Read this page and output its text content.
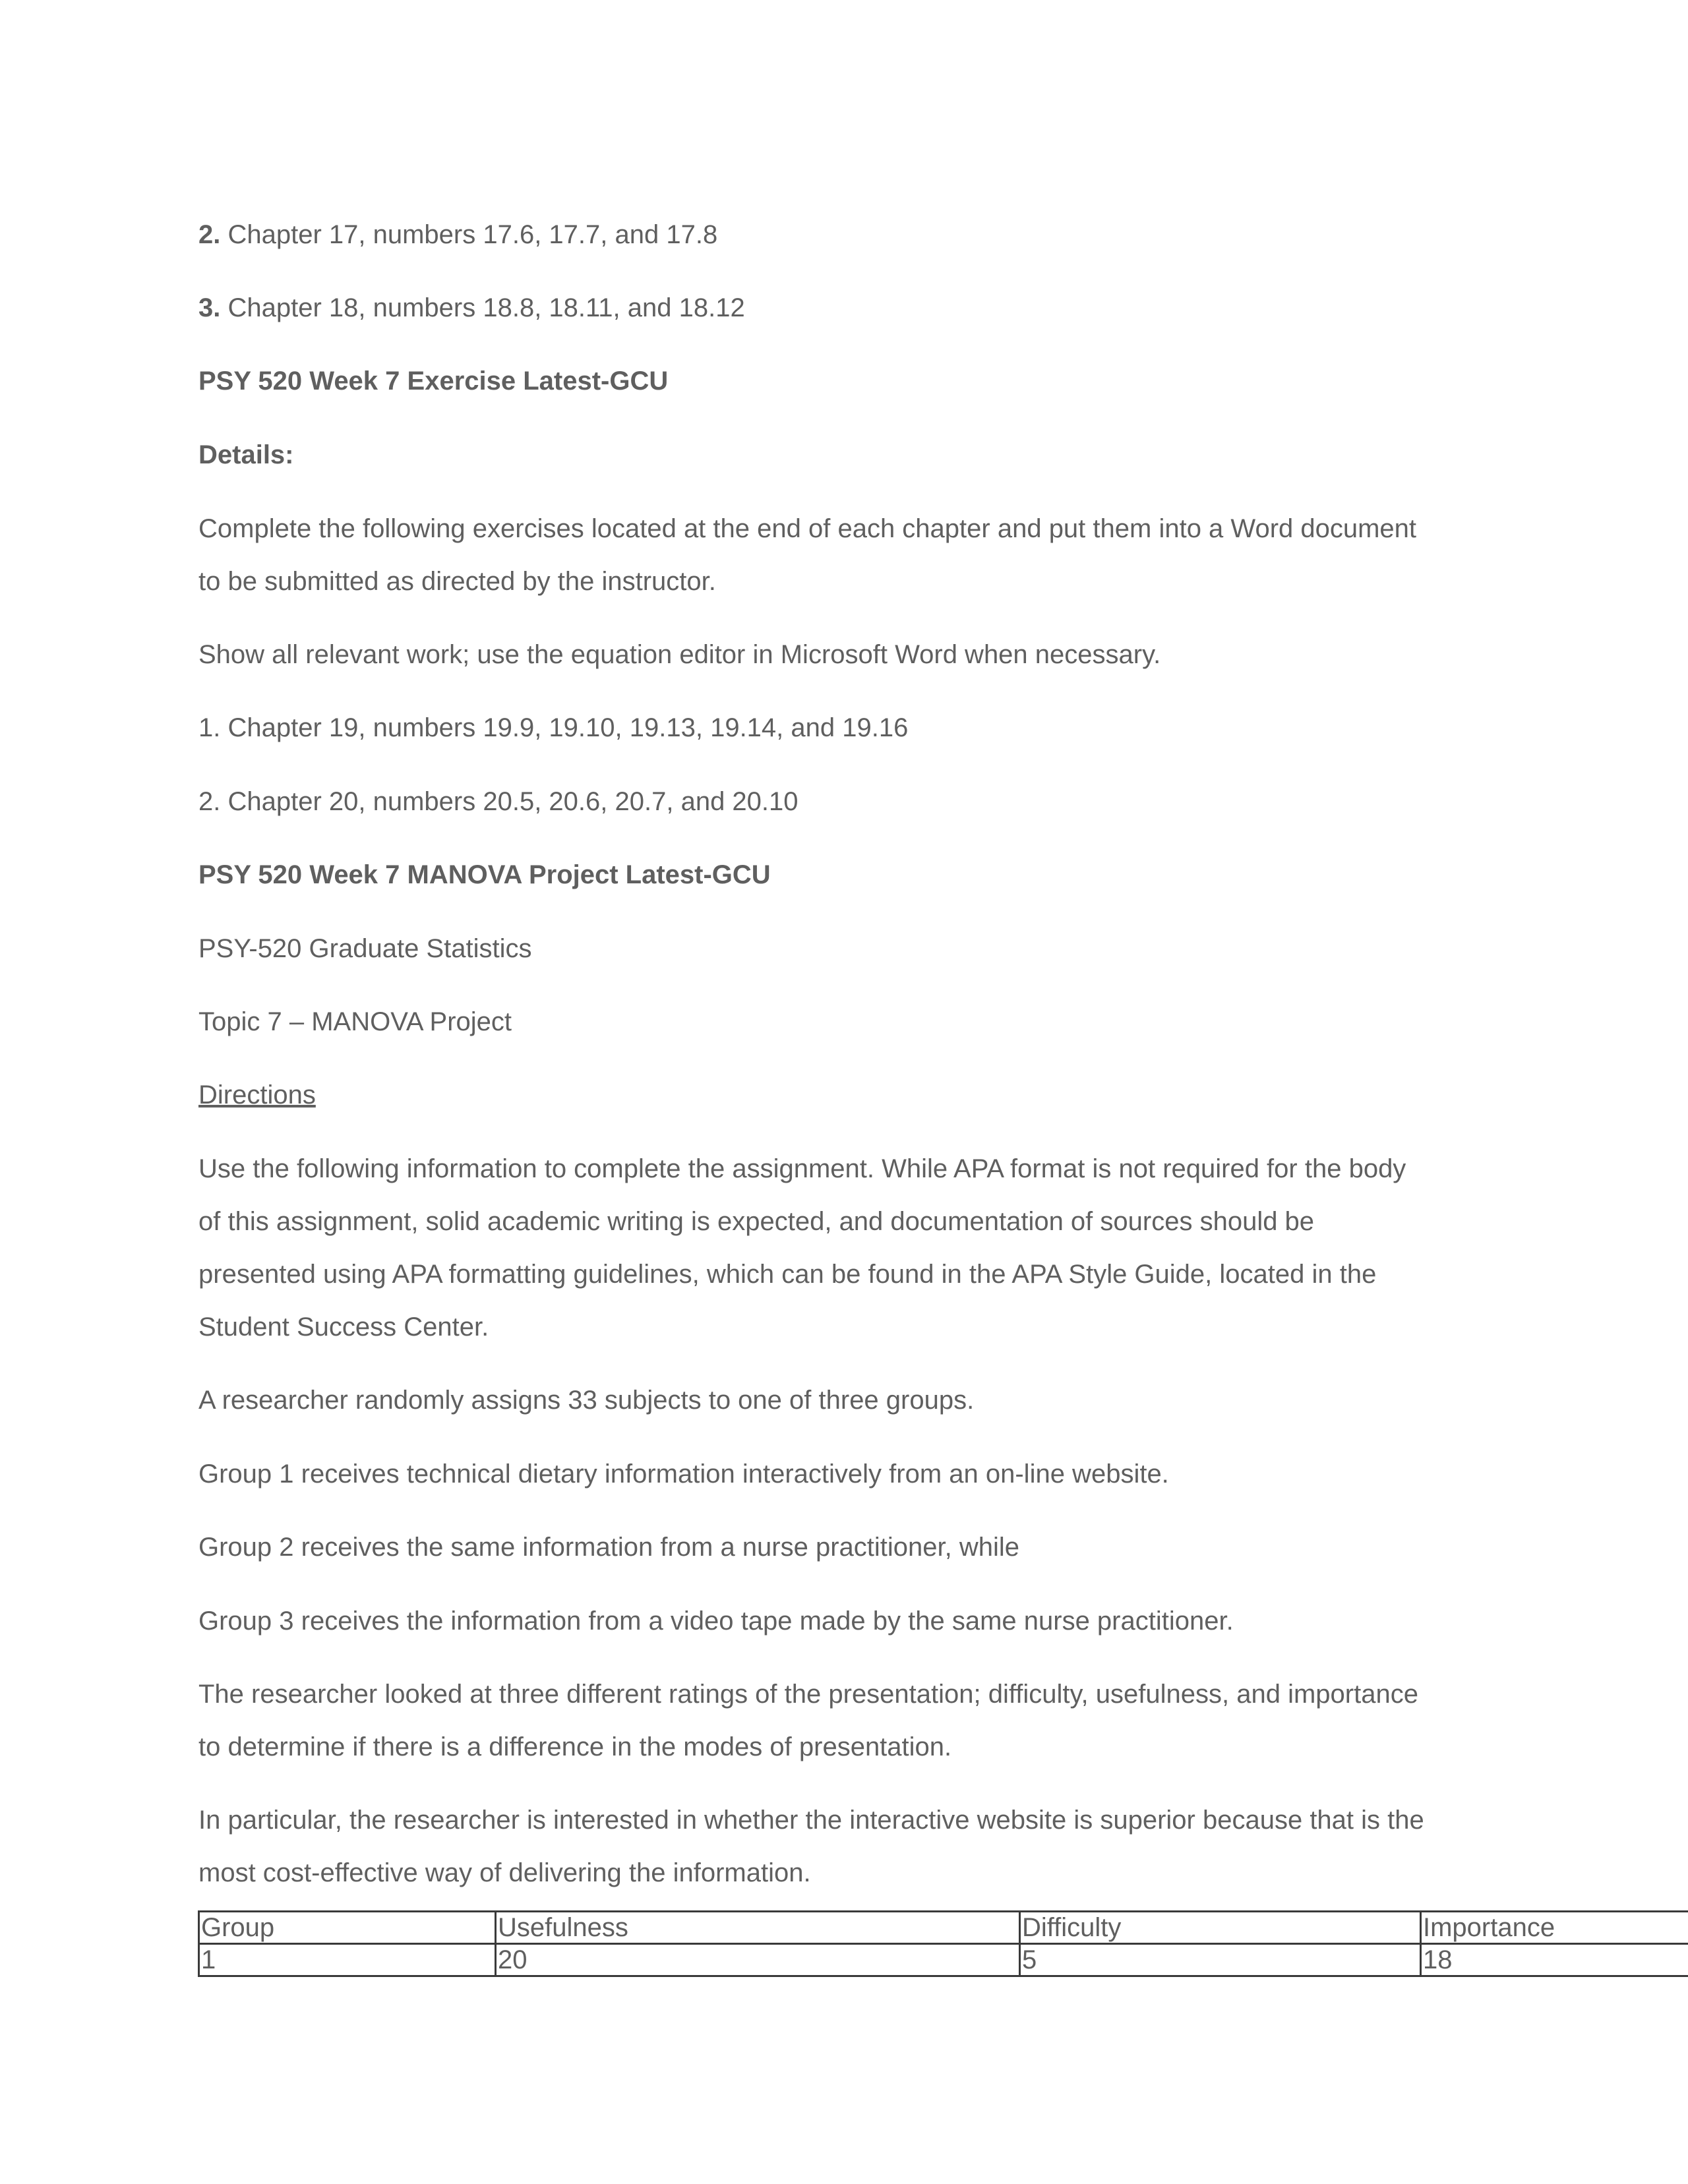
2. Chapter 17, numbers 17.6, 17.7, and 17.8

3. Chapter 18, numbers 18.8, 18.11, and 18.12

PSY 520 Week 7 Exercise Latest-GCU

Details:

Complete the following exercises located at the end of each chapter and put them into a Word document

to be submitted as directed by the instructor.

Show all relevant work; use the equation editor in Microsoft Word when necessary.

1. Chapter 19, numbers 19.9, 19.10, 19.13, 19.14, and 19.16

2. Chapter 20, numbers 20.5, 20.6, 20.7, and 20.10

PSY 520 Week 7 MANOVA Project Latest-GCU

PSY-520 Graduate Statistics

Topic 7 – MANOVA Project

Directions

Use the following information to complete the assignment. While APA format is not required for the body

of this assignment, solid academic writing is expected, and documentation of sources should be

presented using APA formatting guidelines, which can be found in the APA Style Guide, located in the

Student Success Center.

A researcher randomly assigns 33 subjects to one of three groups.

Group 1 receives technical dietary information interactively from an on-line website.

Group 2 receives the same information from a nurse practitioner, while

Group 3 receives the information from a video tape made by the same nurse practitioner.

The researcher looked at three different ratings of the presentation; difficulty, usefulness, and importance

to determine if there is a difference in the modes of presentation.

In particular, the researcher is interested in whether the interactive website is superior because that is the

most cost-effective way of delivering the information.

Group	Usefulness	Difficulty	Importance
1	20	5	18
